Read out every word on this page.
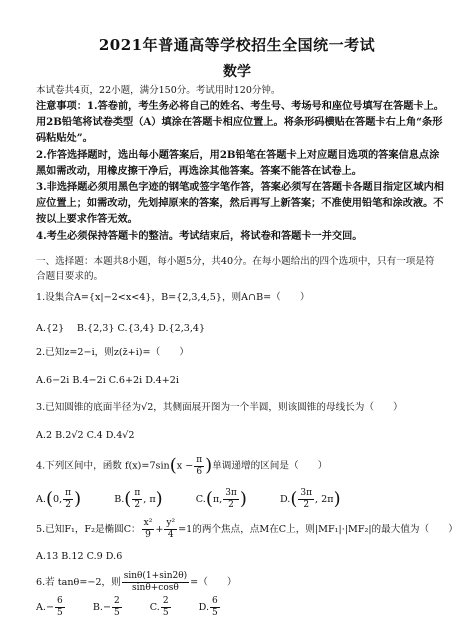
2021年普通高等学校招生全国统一考试
数学
本试卷共4页，22小题，满分150分。考试用时120分钟。

注意事项：1.答卷前，考生务必将自己的姓名、考生号、考场号和座位号填写在答题卡上。用2B铅笔将试卷类型（A）填涂在答题卡相应位置上。将条形码横贴在答题卡右上角“条形码粘贴处”。

2.作答选择题时，选出每小题答案后，用2B铅笔在答题卡上对应题目选项的答案信息点涂黑如需改动，用橡皮擦干净后，再选涂其他答案。答案不能答在试卷上。

3.非选择题必须用黑色字迹的钢笔或签字笔作答，答案必须写在答题卡各题目指定区域内相应位置上；如需改动，先划掉原来的答案，然后再写上新答案；不准使用铅笔和涂改液。不按以上要求作答无效。

4.考生必须保持答题卡的整洁。考试结束后，将试卷和答题卡一并交回。

一、选择题：本题共8小题，每小题5分，共40分。在每小题给出的四个选项中，只有一项是符合题目要求的。
1.设集合A={x|−2<x<4}，B={2,3,4,5}，则A∩B=（　　）
A.{2}　 B.{2,3} C.{3,4} D.{2,3,4}
2.已知z=2−i，则z(z̄+i)=（　　）
A.6−2i B.4−2i C.6+2i D.4+2i
3.已知圆锥的底面半径为√2，其侧面展开图为一个半圆，则该圆锥的母线长为（　　）
A.2 B.2√2 C.4 D.4√2
4.下列区间中，函数 $f(x)=7\sin(x - \frac{\pi}{6}$ )单调递增的区间是（　　）
A.(0, $\frac{\pi}{2}$ )	$B.( \frac{\pi}{2}$ , π)	C.(π, $\frac{3\pi}{2}$ )	$D.( \frac{3\pi}{2}$ , 2π)
5.已知F₁，F₂是椭圆C： $\frac{\text{x²}}{9} + \frac{\text{y²}}{4} =1$的两个焦点，点M在C上，则|MF₁|·|MF₂|的最大值为（　　）
A.13 B.12 C.9 D.6
6.若 tanθ=−2，则 $\frac{\sin\theta(1+\sin 2\theta)}{\sin\theta+\cos\theta}$ =（　　）
$A.- \frac{6}{5}$	$B.- \frac{2}{5}$	C. $\frac{2}{5}$	D. $\frac{6}{5}$
